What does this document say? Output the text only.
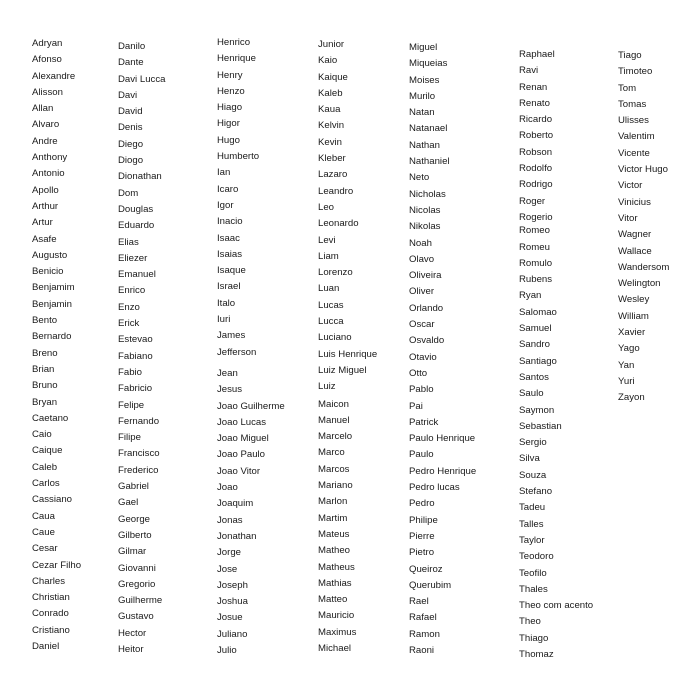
Adryan
Afonso
Alexandre
Alisson
Allan
Alvaro
Andre
Anthony
Antonio
Apollo
Arthur
Artur
Asafe
Augusto
Benicio
Benjamim
Benjamin
Bento
Bernardo
Breno
Brian
Bruno
Bryan
Caetano
Caio
Caique
Caleb
Carlos
Cassiano
Caua
Caue
Cesar
Cezar Filho
Charles
Christian
Conrado
Cristiano
Daniel
Danilo
Dante
Davi Lucca
Davi
David
Denis
Diego
Diogo
Dionathan
Dom
Douglas
Eduardo
Elias
Eliezer
Emanuel
Enrico
Enzo
Erick
Estevao
Fabiano
Fabio
Fabricio
Felipe
Fernando
Filipe
Francisco
Frederico
Gabriel
Gael
George
Gilberto
Gilmar
Giovanni
Gregorio
Guilherme
Gustavo
Hector
Heitor
Henrico
Henrique
Henry
Henzo
Hiago
Higor
Hugo
Humberto
Ian
Icaro
Igor
Inacio
Isaac
Isaias
Isaque
Israel
Italo
Iuri
James
Jefferson
Jean
Jesus
Joao Guilherme
Joao Lucas
Joao Miguel
Joao Paulo
Joao Vitor
Joao
Joaquim
Jonas
Jonathan
Jorge
Jose
Joseph
Joshua
Josue
Juliano
Julio
Junior
Kaio
Kaique
Kaleb
Kaua
Kelvin
Kevin
Kleber
Lazaro
Leandro
Leo
Leonardo
Levi
Liam
Lorenzo
Luan
Lucas
Lucca
Luciano
Luis Henrique
Luiz Miguel
Luiz
Maicon
Manuel
Marcelo
Marco
Marcos
Mariano
Marlon
Martim
Mateus
Matheo
Matheus
Mathias
Matteo
Mauricio
Maximus
Michael
Miguel
Miqueias
Moises
Murilo
Natan
Natanael
Nathan
Nathaniel
Neto
Nicholas
Nicolas
Nikolas
Noah
Olavo
Oliveira
Oliver
Orlando
Oscar
Osvaldo
Otavio
Otto
Pablo
Pai
Patrick
Paulo Henrique
Paulo
Pedro Henrique
Pedro lucas
Pedro
Philipe
Pierre
Pietro
Queiroz
Querubim
Rael
Rafael
Ramon
Raoni
Raphael
Ravi
Renan
Renato
Ricardo
Roberto
Robson
Rodolfo
Rodrigo
Roger
Rogerio
Romeo
Romeu
Romulo
Rubens
Ryan
Salomao
Samuel
Sandro
Santiago
Santos
Saulo
Saymon
Sebastian
Sergio
Silva
Souza
Stefano
Tadeu
Talles
Taylor
Teodoro
Teofilo
Thales
Theo com acento
Theo
Thiago
Thomaz
Tiago
Timoteo
Tom
Tomas
Ulisses
Valentim
Vicente
Victor Hugo
Victor
Vinicius
Vitor
Wagner
Wallace
Wandersom
Welington
Wesley
William
Xavier
Yago
Yan
Yuri
Zayon
